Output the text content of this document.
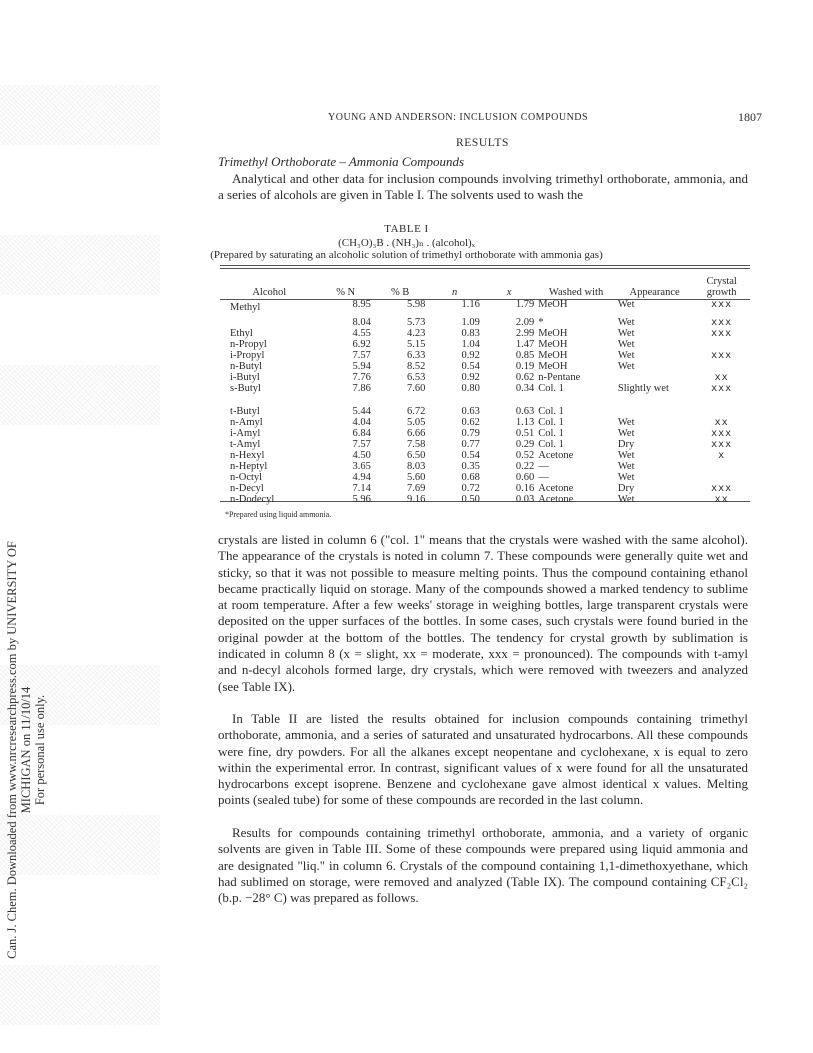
Can. J. Chem. Downloaded from www.nrcresearchpress.com by UNIVERSITY OF MICHIGAN on 11/10/14 For personal use only.
YOUNG AND ANDERSON: INCLUSION COMPOUNDS	1807
RESULTS
Trimethyl Orthoborate – Ammonia Compounds
Analytical and other data for inclusion compounds involving trimethyl orthoborate, ammonia, and a series of alcohols are given in Table I. The solvents used to wash the
TABLE I
(CH₃O)₃B . (NH₃)ₙ . (alcohol)ₓ
(Prepared by saturating an alcoholic solution of trimethyl orthoborate with ammonia gas)
Alcohol	% N	% B	n	x	Washed with	Appearance	Crystal growth
Methyl	8.95	5.98	1.16	1.79	MeOH	Wet	xxx

	8.04	5.73	1.09	2.09	*	Wet	xxx
Ethyl	4.55	4.23	0.83	2.99	MeOH	Wet	xxx
n-Propyl	6.92	5.15	1.04	1.47	MeOH	Wet	
i-Propyl	7.57	6.33	0.92	0.85	MeOH	Wet	xxx
n-Butyl	5.94	8.52	0.54	0.19	MeOH	Wet	
i-Butyl	7.76	6.53	0.92	0.62	n-Pentane		xx
s-Butyl	7.86	7.60	0.80	0.34	Col. 1	Slightly wet	xxx

t-Butyl	5.44	6.72	0.63	0.63	Col. 1		
n-Amyl	4.04	5.05	0.62	1.13	Col. 1	Wet	xx
i-Amyl	6.84	6.66	0.79	0.51	Col. 1	Wet	xxx
t-Amyl	7.57	7.58	0.77	0.29	Col. 1	Dry	xxx
n-Hexyl	4.50	6.50	0.54	0.52	Acetone	Wet	x
n-Heptyl	3.65	8.03	0.35	0.22	—	Wet	
n-Octyl	4.94	5.60	0.68	0.60	—	Wet	
n-Decyl	7.14	7.69	0.72	0.16	Acetone	Dry	xxx
n-Dodecyl	5.96	9.16	0.50	0.03	Acetone	Wet	xx
*Prepared using liquid ammonia.
crystals are listed in column 6 ("col. 1" means that the crystals were washed with the same alcohol). The appearance of the crystals is noted in column 7. These compounds were generally quite wet and sticky, so that it was not possible to measure melting points. Thus the compound containing ethanol became practically liquid on storage. Many of the compounds showed a marked tendency to sublime at room temperature. After a few weeks' storage in weighing bottles, large transparent crystals were deposited on the upper surfaces of the bottles. In some cases, such crystals were found buried in the original powder at the bottom of the bottles. The tendency for crystal growth by sublimation is indicated in column 8 (x = slight, xx = moderate, xxx = pronounced). The compounds with t-amyl and n-decyl alcohols formed large, dry crystals, which were removed with tweezers and analyzed (see Table IX).
In Table II are listed the results obtained for inclusion compounds containing trimethyl orthoborate, ammonia, and a series of saturated and unsaturated hydrocarbons. All these compounds were fine, dry powders. For all the alkanes except neopentane and cyclohexane, x is equal to zero within the experimental error. In contrast, significant values of x were found for all the unsaturated hydrocarbons except isoprene. Benzene and cyclohexane gave almost identical x values. Melting points (sealed tube) for some of these compounds are recorded in the last column.
Results for compounds containing trimethyl orthoborate, ammonia, and a variety of organic solvents are given in Table III. Some of these compounds were prepared using liquid ammonia and are designated "liq." in column 6. Crystals of the compound containing 1,1-dimethoxyethane, which had sublimed on storage, were removed and analyzed (Table IX). The compound containing CF₂Cl₂ (b.p. −28° C) was prepared as follows.
